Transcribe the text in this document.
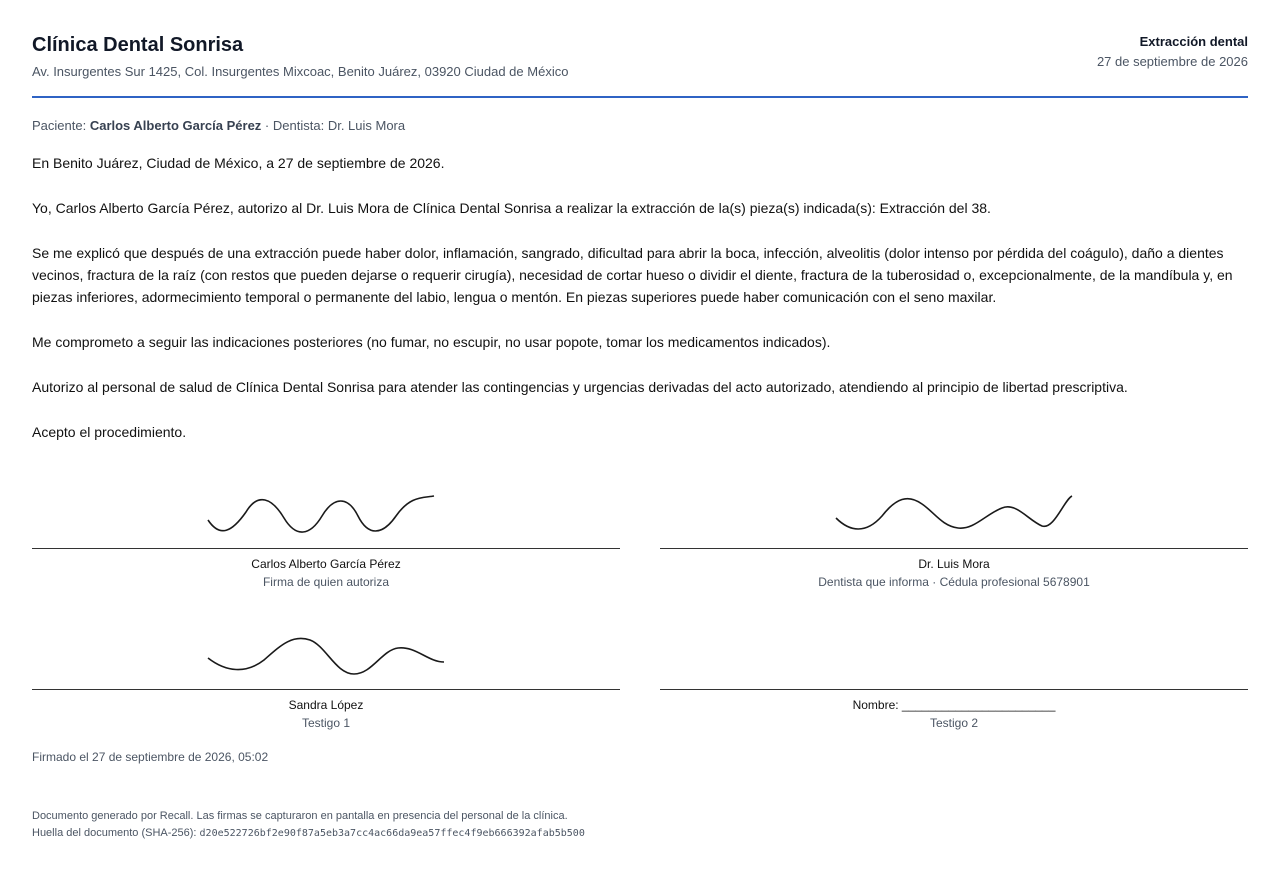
Clínica Dental Sonrisa
Av. Insurgentes Sur 1425, Col. Insurgentes Mixcoac, Benito Juárez, 03920 Ciudad de México
Extracción dental
27 de septiembre de 2026
Paciente: Carlos Alberto García Pérez · Dentista: Dr. Luis Mora

En Benito Juárez, Ciudad de México, a 27 de septiembre de 2026.

Yo, Carlos Alberto García Pérez, autorizo al Dr. Luis Mora de Clínica Dental Sonrisa a realizar la extracción de la(s) pieza(s) indicada(s): Extracción del 38.

Se me explicó que después de una extracción puede haber dolor, inflamación, sangrado, dificultad para abrir la boca, infección, alveolitis (dolor intenso por pérdida del coágulo), daño a dientes vecinos, fractura de la raíz (con restos que pueden dejarse o requerir cirugía), necesidad de cortar hueso o dividir el diente, fractura de la tuberosidad o, excepcionalmente, de la mandíbula y, en piezas inferiores, adormecimiento temporal o permanente del labio, lengua o mentón. En piezas superiores puede haber comunicación con el seno maxilar.

Me comprometo a seguir las indicaciones posteriores (no fumar, no escupir, no usar popote, tomar los medicamentos indicados).

Autorizo al personal de salud de Clínica Dental Sonrisa para atender las contingencias y urgencias derivadas del acto autorizado, atendiendo al principio de libertad prescriptiva.

Acepto el procedimiento.

Carlos Alberto García Pérez
Firma de quien autoriza
Dr. Luis Mora
Dentista que informa · Cédula profesional 5678901
Sandra López
Testigo 1
Nombre: _______________________
Testigo 2
Firmado el 27 de septiembre de 2026, 05:02
Documento generado por Recall. Las firmas se capturaron en pantalla en presencia del personal de la clínica.
Huella del documento (SHA-256): d20e522726bf2e90f87a5eb3a7cc4ac66da9ea57ffec4f9eb666392afab5b500
